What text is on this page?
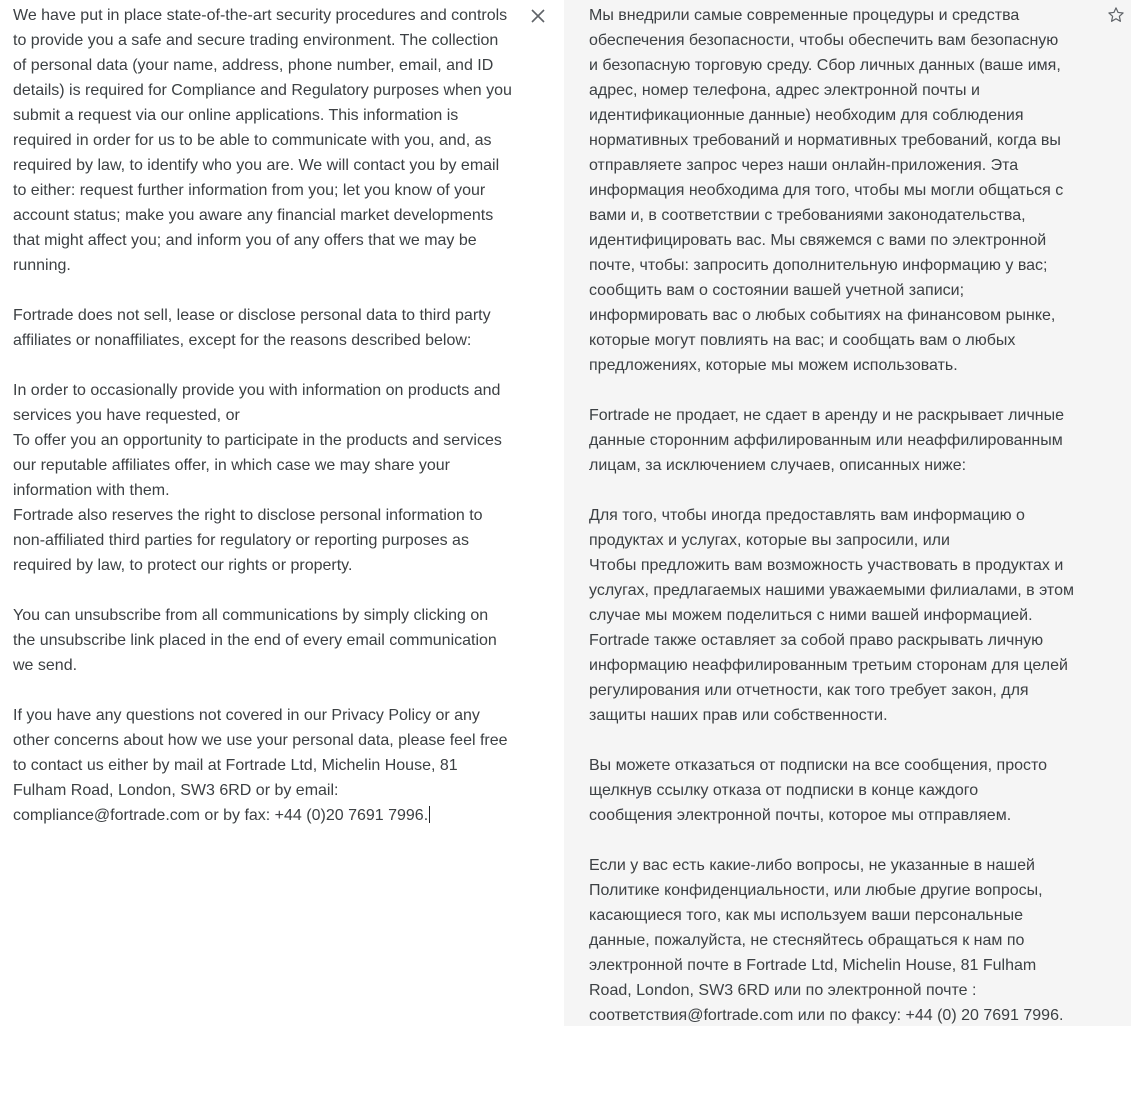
We have put in place state-of-the-art security procedures and controls
to provide you a safe and secure trading environment. The collection
of personal data (your name, address, phone number, email, and ID
details) is required for Compliance and Regulatory purposes when you
submit a request via our online applications. This information is
required in order for us to be able to communicate with you, and, as
required by law, to identify who you are. We will contact you by email
to either: request further information from you; let you know of your
account status; make you aware any financial market developments
that might affect you; and inform you of any offers that we may be
running.

Fortrade does not sell, lease or disclose personal data to third party
affiliates or nonaffiliates, except for the reasons described below:

In order to occasionally provide you with information on products and
services you have requested, or
To offer you an opportunity to participate in the products and services
our reputable affiliates offer, in which case we may share your
information with them.
Fortrade also reserves the right to disclose personal information to
non-affiliated third parties for regulatory or reporting purposes as
required by law, to protect our rights or property.

You can unsubscribe from all communications by simply clicking on
the unsubscribe link placed in the end of every email communication
we send.

If you have any questions not covered in our Privacy Policy or any
other concerns about how we use your personal data, please feel free
to contact us either by mail at Fortrade Ltd, Michelin House, 81
Fulham Road, London, SW3 6RD or by email:
compliance@fortrade.com or by fax: +44 (0)20 7691 7996.
Мы внедрили самые современные процедуры и средства
обеспечения безопасности, чтобы обеспечить вам безопасную
и безопасную торговую среду. Сбор личных данных (ваше имя,
адрес, номер телефона, адрес электронной почты и
идентификационные данные) необходим для соблюдения
нормативных требований и нормативных требований, когда вы
отправляете запрос через наши онлайн-приложения. Эта
информация необходима для того, чтобы мы могли общаться с
вами и, в соответствии с требованиями законодательства,
идентифицировать вас. Мы свяжемся с вами по электронной
почте, чтобы: запросить дополнительную информацию у вас;
сообщить вам о состоянии вашей учетной записи;
информировать вас о любых событиях на финансовом рынке,
которые могут повлиять на вас; и сообщать вам о любых
предложениях, которые мы можем использовать.

Fortrade не продает, не сдает в аренду и не раскрывает личные
данные сторонним аффилированным или неаффилированным
лицам, за исключением случаев, описанных ниже:

Для того, чтобы иногда предоставлять вам информацию о
продуктах и услугах, которые вы запросили, или
Чтобы предложить вам возможность участвовать в продуктах и
услугах, предлагаемых нашими уважаемыми филиалами, в этом
случае мы можем поделиться с ними вашей информацией.
Fortrade также оставляет за собой право раскрывать личную
информацию неаффилированным третьим сторонам для целей
регулирования или отчетности, как того требует закон, для
защиты наших прав или собственности.

Вы можете отказаться от подписки на все сообщения, просто
щелкнув ссылку отказа от подписки в конце каждого
сообщения электронной почты, которое мы отправляем.

Если у вас есть какие-либо вопросы, не указанные в нашей
Политике конфиденциальности, или любые другие вопросы,
касающиеся того, как мы используем ваши персональные
данные, пожалуйста, не стесняйтесь обращаться к нам по
электронной почте в Fortrade Ltd, Michelin House, 81 Fulham
Road, London, SW3 6RD или по электронной почте :
соответствия@fortrade.com или по факсу: +44 (0) 20 7691 7996.
